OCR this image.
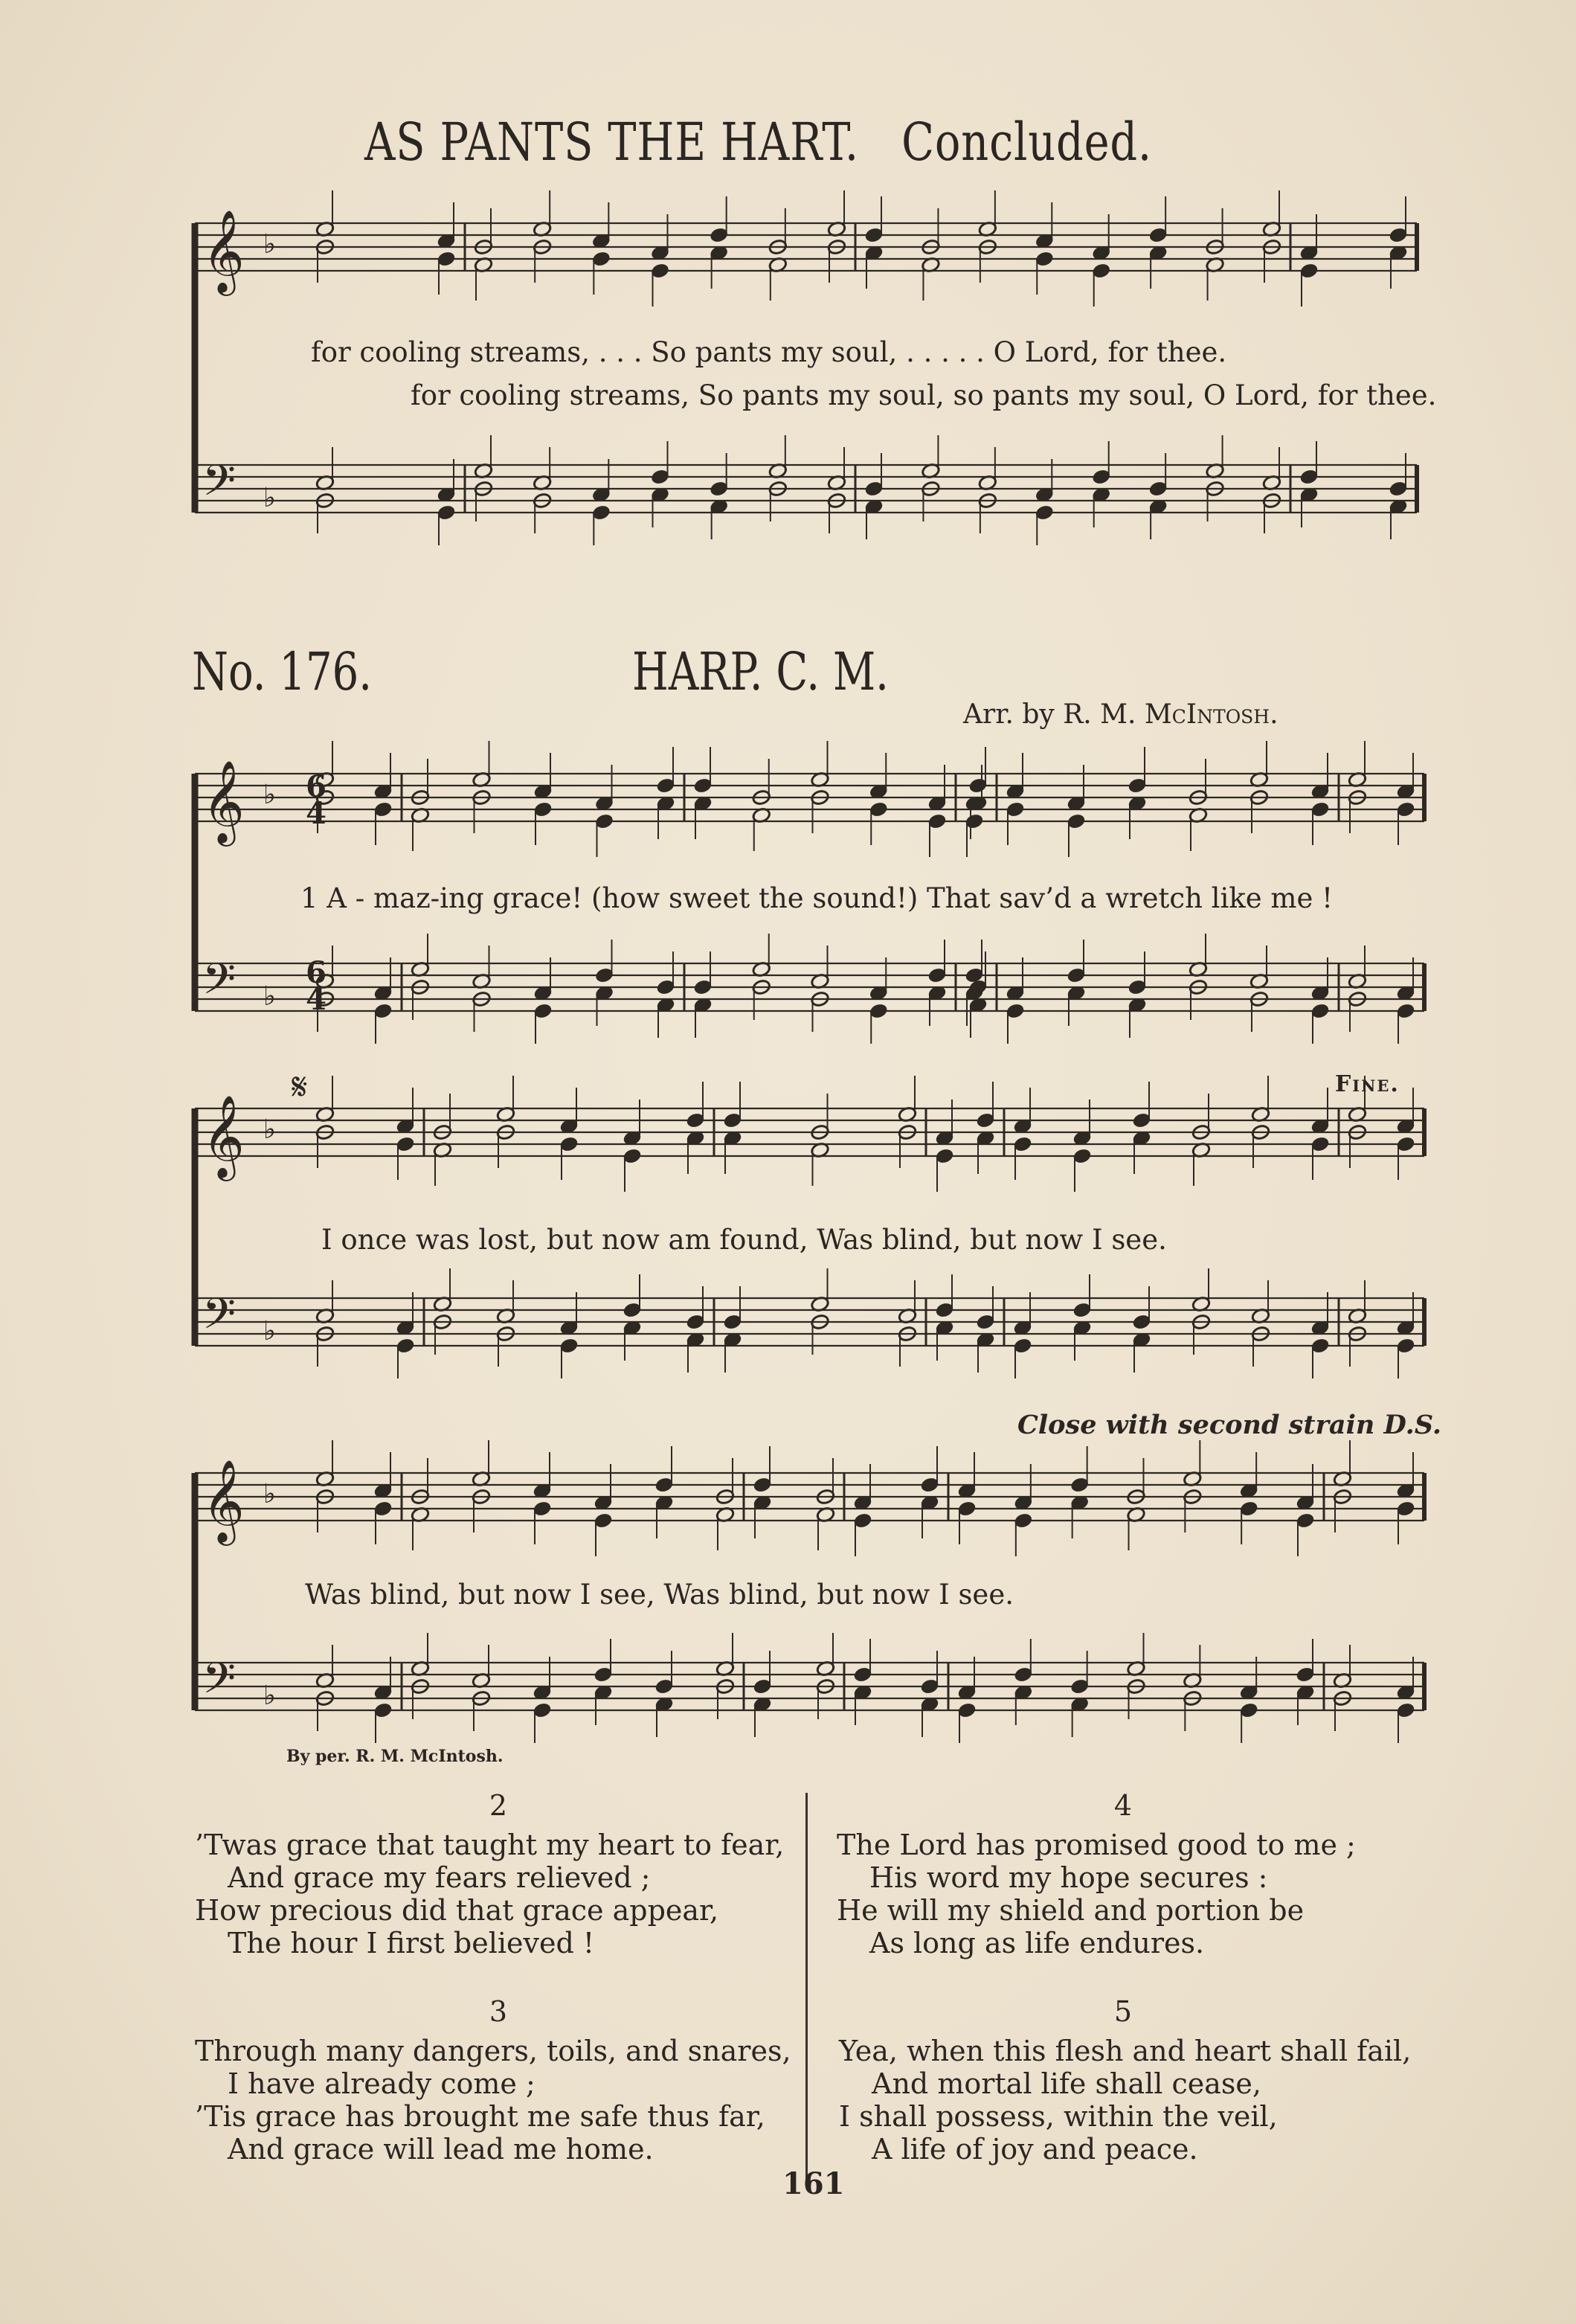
AS PANTS THE HART. Concluded.
𝄞
𝄢
♭
♭
𝄞
𝄢
♭
♭
𝄞
𝄢
♭
♭
𝄞
𝄢
♭
♭
for cooling streams, . . . So pants my soul, . . . . . O Lord, for thee.
for cooling streams, So pants my soul, so pants my soul, O Lord, for thee.
No. 176.	HARP. C. M.
Arr. by R. M. McIntosh.
6
4
6
4
1 A - maz-ing grace! (how sweet the sound!) That sav’d a wretch like me !
𝄋	Fine.
I once was lost, but now am found, Was blind, but now I see.
Close with second strain D.S.
Was blind, but now I see, Was blind, but now I see.
By per. R. M. McIntosh.
2
’Twas grace that taught my heart to fear,
And grace my fears relieved ;
How precious did that grace appear,
The hour I first believed !
3
Through many dangers, toils, and snares,
I have already come ;
’Tis grace has brought me safe thus far,
And grace will lead me home.
4
The Lord has promised good to me ;
His word my hope secures :
He will my shield and portion be
As long as life endures.
5
Yea, when this flesh and heart shall fail,
And mortal life shall cease,
I shall possess, within the veil,
A life of joy and peace.
161
